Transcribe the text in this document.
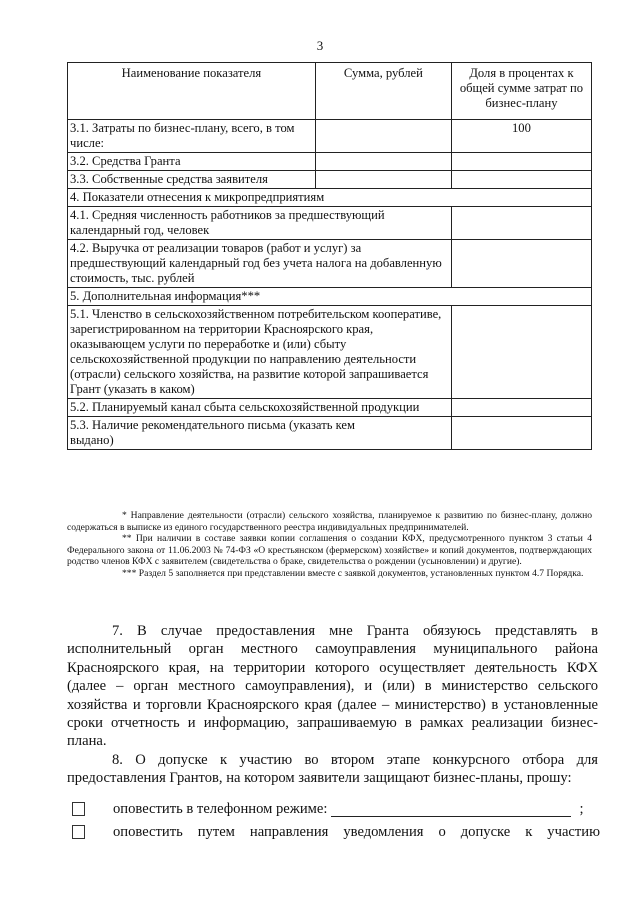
3
Наименование показателя	Сумма, рублей	Доля в процентах к общей сумме затрат по бизнес-плану
3.1. Затраты по бизнес-плану, всего, в том числе:		100
3.2. Средства Гранта		
3.3. Собственные средства заявителя		
4. Показатели отнесения к микропредприятиям		
4.1. Средняя численность работников за предшествующий календарный год, человек		
4.2. Выручка от реализации товаров (работ и услуг) за предшествующий календарный год без учета налога на добавленную стоимость, тыс. рублей		
5. Дополнительная информация***		
5.1. Членство в сельскохозяйственном потребительском кооперативе, зарегистрированном на территории Красноярского края, оказывающем услуги по переработке и (или) сбыту сельскохозяйственной продукции по направлению деятельности (отрасли) сельского хозяйства, на развитие которой запрашивается Грант (указать в каком)		
5.2. Планируемый канал сбыта сельскохозяйственной продукции		
5.3. Наличие рекомендательного письма (указать кем выдано)		

* Направление деятельности (отрасли) сельского хозяйства, планируемое к развитию по бизнес-плану, должно содержаться в выписке из единого государственного реестра индивидуальных предпринимателей.

** При наличии в составе заявки копии соглашения о создании КФХ, предусмотренного пунктом 3 статьи 4 Федерального закона от 11.06.2003 № 74-ФЗ «О крестьянском (фермерском) хозяйстве» и копий документов, подтверждающих родство членов КФХ с заявителем (свидетельства о браке, свидетельства о рождении (усыновлении) и другие).

*** Раздел 5 заполняется при представлении вместе с заявкой документов, установленных пунктом 4.7 Порядка.

7. В случае предоставления мне Гранта обязуюсь представлять в исполнительный орган местного самоуправления муниципального района Красноярского края, на территории которого осуществляет деятельность КФХ (далее – орган местного самоуправления), и (или) в министерство сельского хозяйства и торговли Красноярского края (далее – министерство) в установленные сроки отчетность и информацию, запрашиваемую в рамках реализации бизнес-плана.

8. О допуске к участию во втором этапе конкурсного отбора для предоставления Грантов, на котором заявители защищают бизнес-планы, прошу:

оповестить в телефонном режиме:	;
оповестить путем направления уведомления о допуске к участию
